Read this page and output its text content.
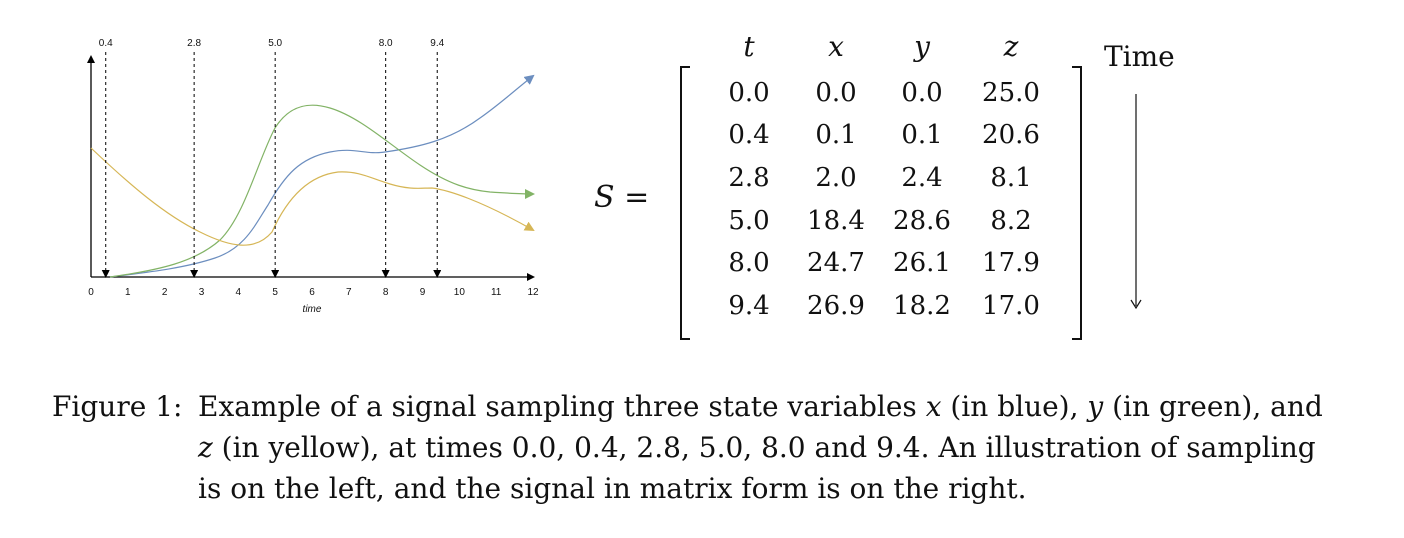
0	1	2	3	4	5	6	7	8	9	10	11	12
0.4	2.8	5.0	8.0	9.4
time
S =
t	x	y	z
0.0	0.0	0.0	25.0
0.4	0.1	0.1	20.6
2.8	2.0	2.4	8.1
5.0	18.4	28.6	8.2
8.0	24.7	26.1	17.9
9.4	26.9	18.2	17.0
Time
Figure 1: Example of a signal sampling three state variables x (in blue), y (in green), and
z (in yellow), at times 0.0, 0.4, 2.8, 5.0, 8.0 and 9.4. An illustration of sampling
is on the left, and the signal in matrix form is on the right.
